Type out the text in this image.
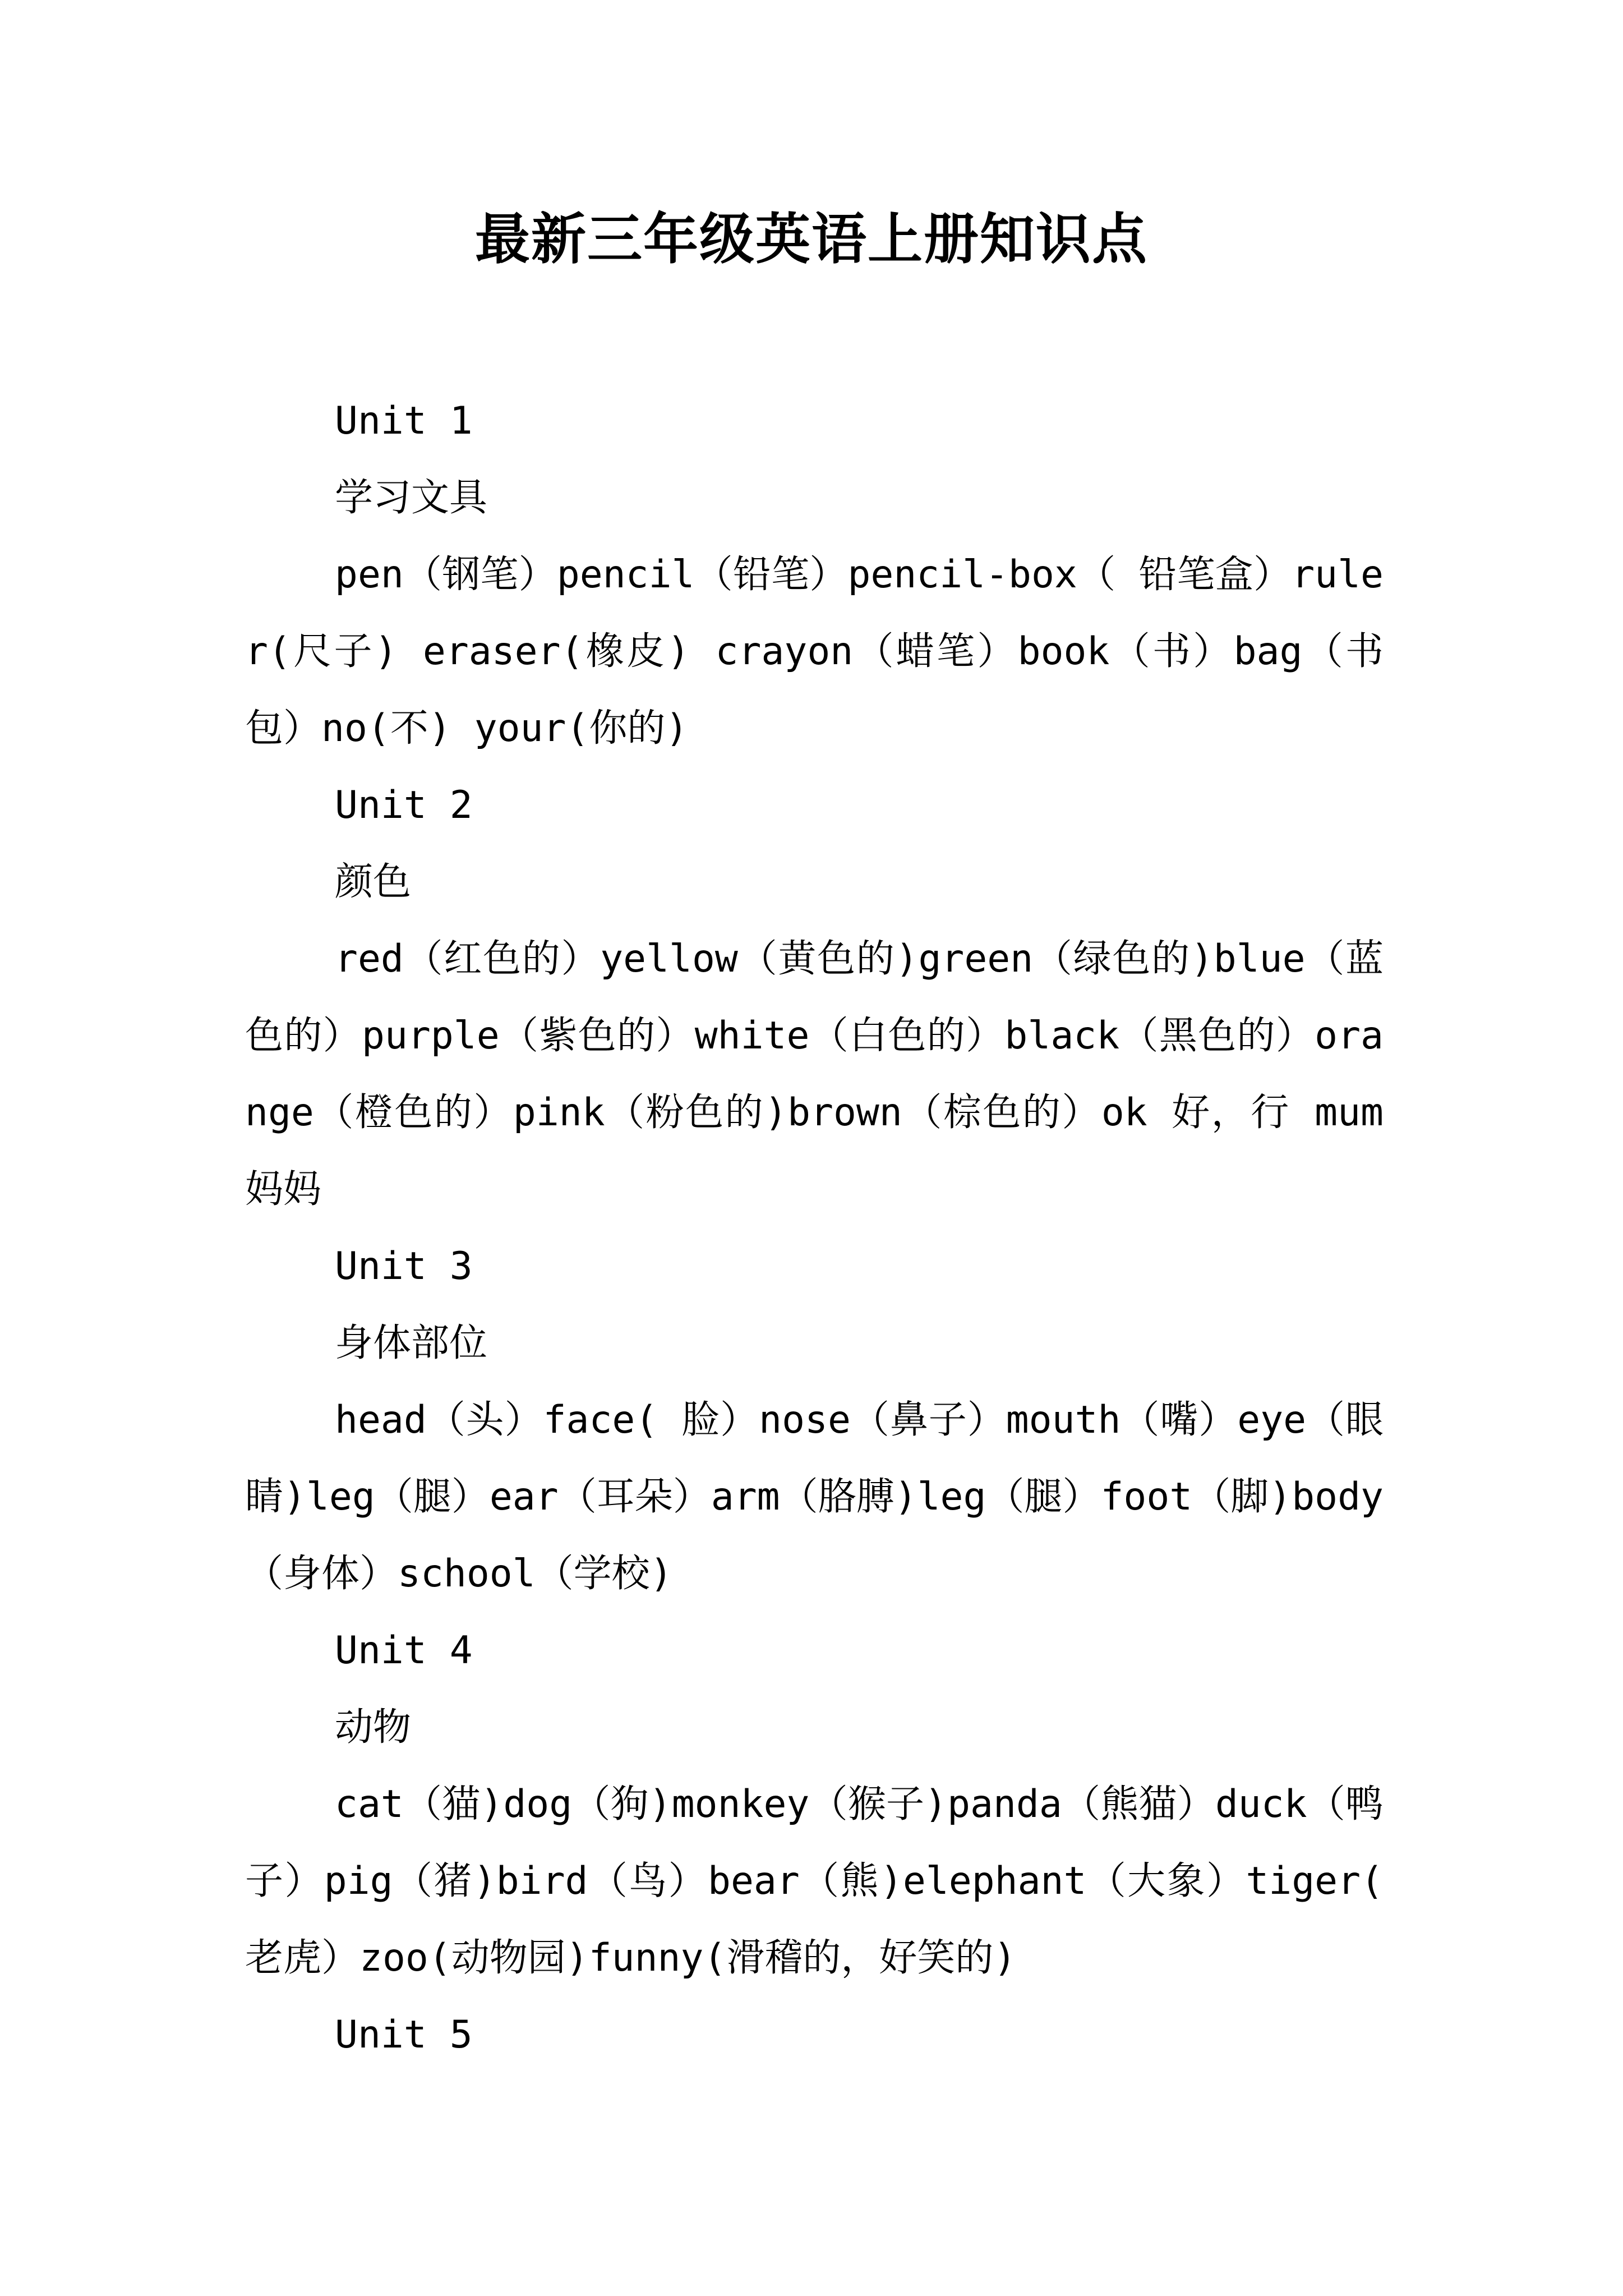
最新三年级英语上册知识点

Unit 1

学习文具

pen（钢笔）pencil（铅笔）pencil-box（ 铅笔盒）ruler(尺子) eraser(橡皮) crayon（蜡笔）book（书）bag（书包）no(不) your(你的)

Unit 2

颜色

red（红色的）yellow（黄色的)green（绿色的)blue（蓝色的）purple（紫色的）white（白色的）black（黑色的）orange（橙色的）pink（粉色的)brown（棕色的）ok 好，行 mum 妈妈

Unit 3

身体部位

head（头）face( 脸）nose（鼻子）mouth（嘴）eye（眼睛)leg（腿）ear（耳朵）arm（胳膊)leg（腿）foot（脚)body（身体）school（学校)

Unit 4

动物

cat（猫)dog（狗)monkey（猴子)panda（熊猫）duck（鸭子）pig（猪)bird（鸟）bear（熊)elephant（大象）tiger( 老虎）zoo(动物园)funny(滑稽的，好笑的)

Unit 5
